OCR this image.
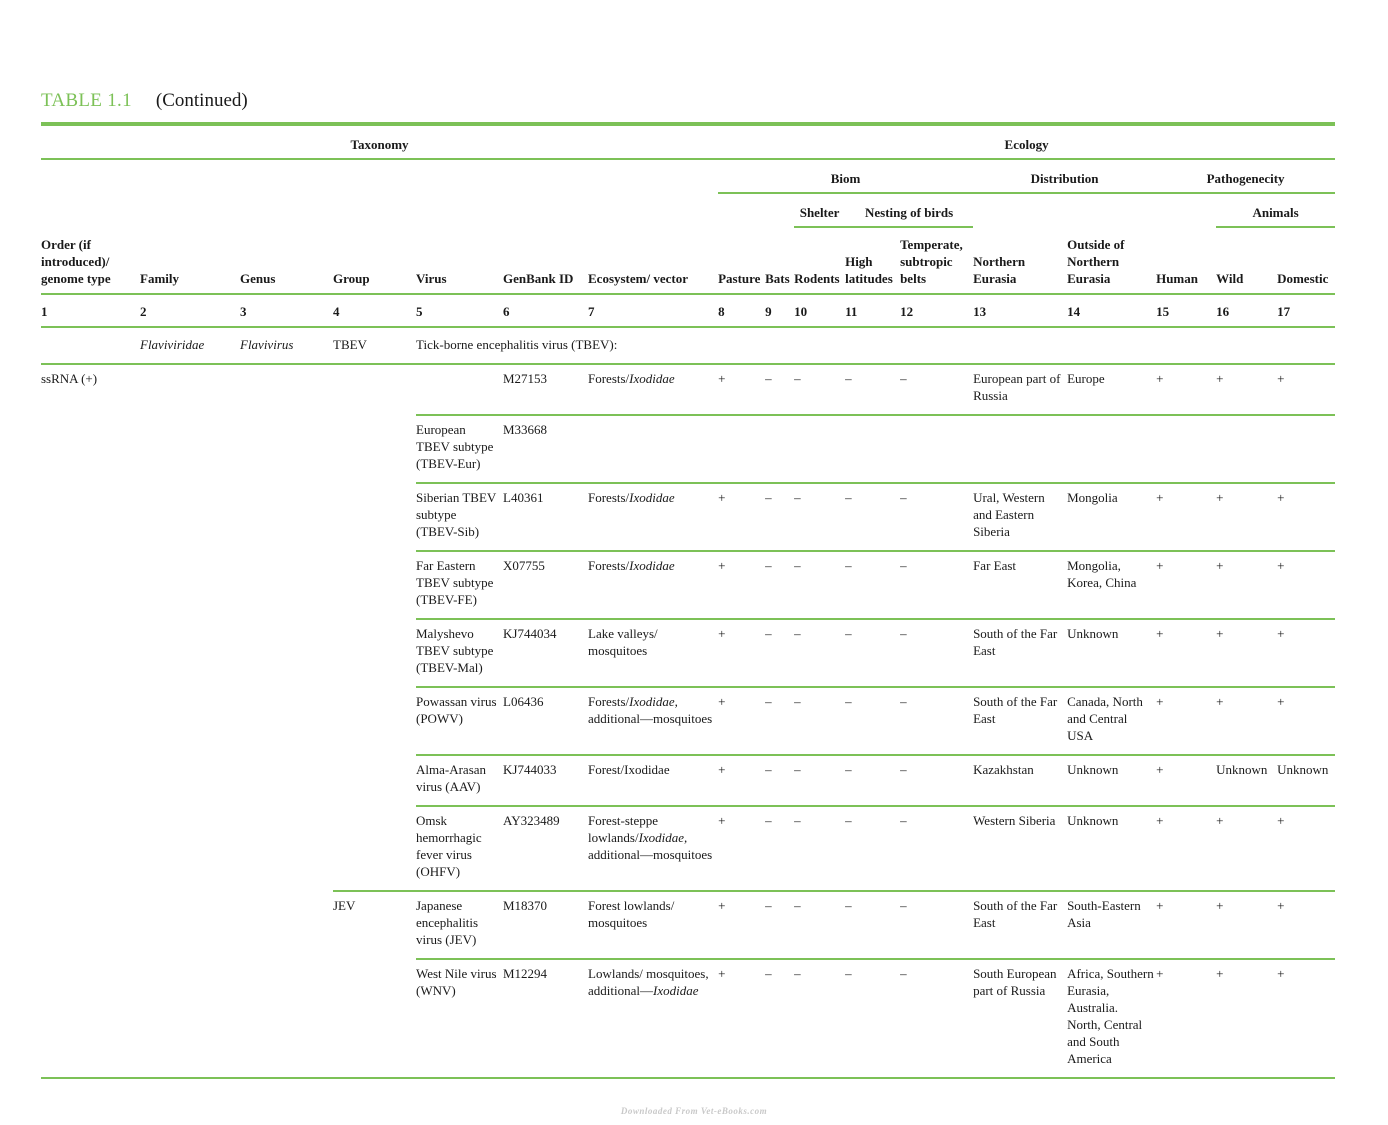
TABLE 1.1 (Continued)
Taxonomy							Ecology									
							Biom					Distribution		Pathogenecity		
									Shelter	Nesting of birds					Animals	
Order (if introduced)/ genome type	Family	Genus	Group	Virus	GenBank ID	Ecosystem/ vector	Pasture	Bats	Rodents	High latitudes	Temperate, subtropic belts	Northern Eurasia	Outside of Northern Eurasia	Human	Wild	Domestic
1	2	3	4	5	6	7	8	9	10	11	12	13	14	15	16	17
	Flaviviridae	Flavivirus	TBEV	Tick-borne encephalitis virus (TBEV):												
ssRNA (+)					M27153	Forests/Ixodidae	+	–	–	–	–	European part of Russia	Europe	+	+	+
				European TBEV subtype (TBEV-Eur)	M33668											
				Siberian TBEV subtype (TBEV-Sib)	L40361	Forests/Ixodidae	+	–	–	–	–	Ural, Western and Eastern Siberia	Mongolia	+	+	+
				Far Eastern TBEV subtype (TBEV-FE)	X07755	Forests/Ixodidae	+	–	–	–	–	Far East	Mongolia, Korea, China	+	+	+
				Malyshevo TBEV subtype (TBEV-Mal)	KJ744034	Lake valleys/ mosquitoes	+	–	–	–	–	South of the Far East	Unknown	+	+	+
				Powassan virus (POWV)	L06436	Forests/Ixodidae, additional—mosquitoes	+	–	–	–	–	South of the Far East	Canada, North and Central USA	+	+	+
				Alma-Arasan virus (AAV)	KJ744033	Forest/Ixodidae	+	–	–	–	–	Kazakhstan	Unknown	+	Unknown	Unknown
				Omsk hemorrhagic fever virus (OHFV)	AY323489	Forest-steppe lowlands/Ixodidae, additional—mosquitoes	+	–	–	–	–	Western Siberia	Unknown	+	+	+
			JEV	Japanese encephalitis virus (JEV)	M18370	Forest lowlands/ mosquitoes	+	–	–	–	–	South of the Far East	South-Eastern Asia	+	+	+
				West Nile virus (WNV)	M12294	Lowlands/ mosquitoes, additional—Ixodidae	+	–	–	–	–	South European part of Russia	Africa, Southern Eurasia, Australia. North, Central and South America	+	+	+
Downloaded From Vet-eBooks.com
